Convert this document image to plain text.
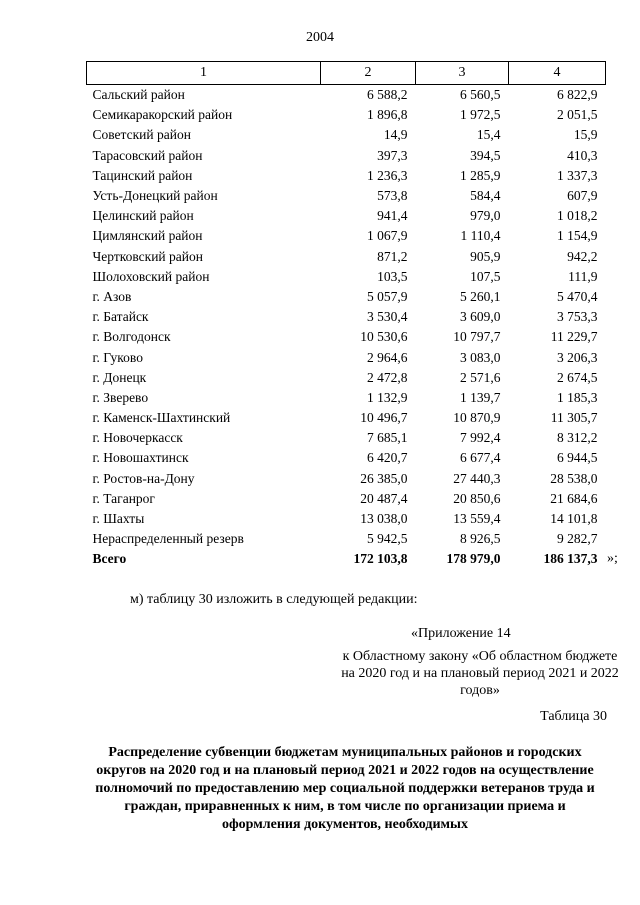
2004
1	2	3	4
Сальский район	6 588,2	6 560,5	6 822,9
Семикаракорский район	1 896,8	1 972,5	2 051,5
Советский район	14,9	15,4	15,9
Тарасовский район	397,3	394,5	410,3
Тацинский район	1 236,3	1 285,9	1 337,3
Усть-Донецкий район	573,8	584,4	607,9
Целинский район	941,4	979,0	1 018,2
Цимлянский район	1 067,9	1 110,4	1 154,9
Чертковский район	871,2	905,9	942,2
Шолоховский район	103,5	107,5	111,9
г. Азов	5 057,9	5 260,1	5 470,4
г. Батайск	3 530,4	3 609,0	3 753,3
г. Волгодонск	10 530,6	10 797,7	11 229,7
г. Гуково	2 964,6	3 083,0	3 206,3
г. Донецк	2 472,8	2 571,6	2 674,5
г. Зверево	1 132,9	1 139,7	1 185,3
г. Каменск-Шахтинский	10 496,7	10 870,9	11 305,7
г. Новочеркасск	7 685,1	7 992,4	8 312,2
г. Новошахтинск	6 420,7	6 677,4	6 944,5
г. Ростов-на-Дону	26 385,0	27 440,3	28 538,0
г. Таганрог	20 487,4	20 850,6	21 684,6
г. Шахты	13 038,0	13 559,4	14 101,8
Нераспределенный резерв	5 942,5	8 926,5	9 282,7
Всего	172 103,8	178 979,0	186 137,3 »;
м) таблицу 30 изложить в следующей редакции:
«Приложение 14
к Областному закону «Об областном бюджете на 2020 год и на плановый период 2021 и 2022 годов»
Таблица 30
Распределение субвенции бюджетам муниципальных районов и городских округов на 2020 год и на плановый период 2021 и 2022 годов на осуществление полномочий по предоставлению мер социальной поддержки ветеранов труда и граждан, приравненных к ним, в том числе по организации приема и оформления документов, необходимых
